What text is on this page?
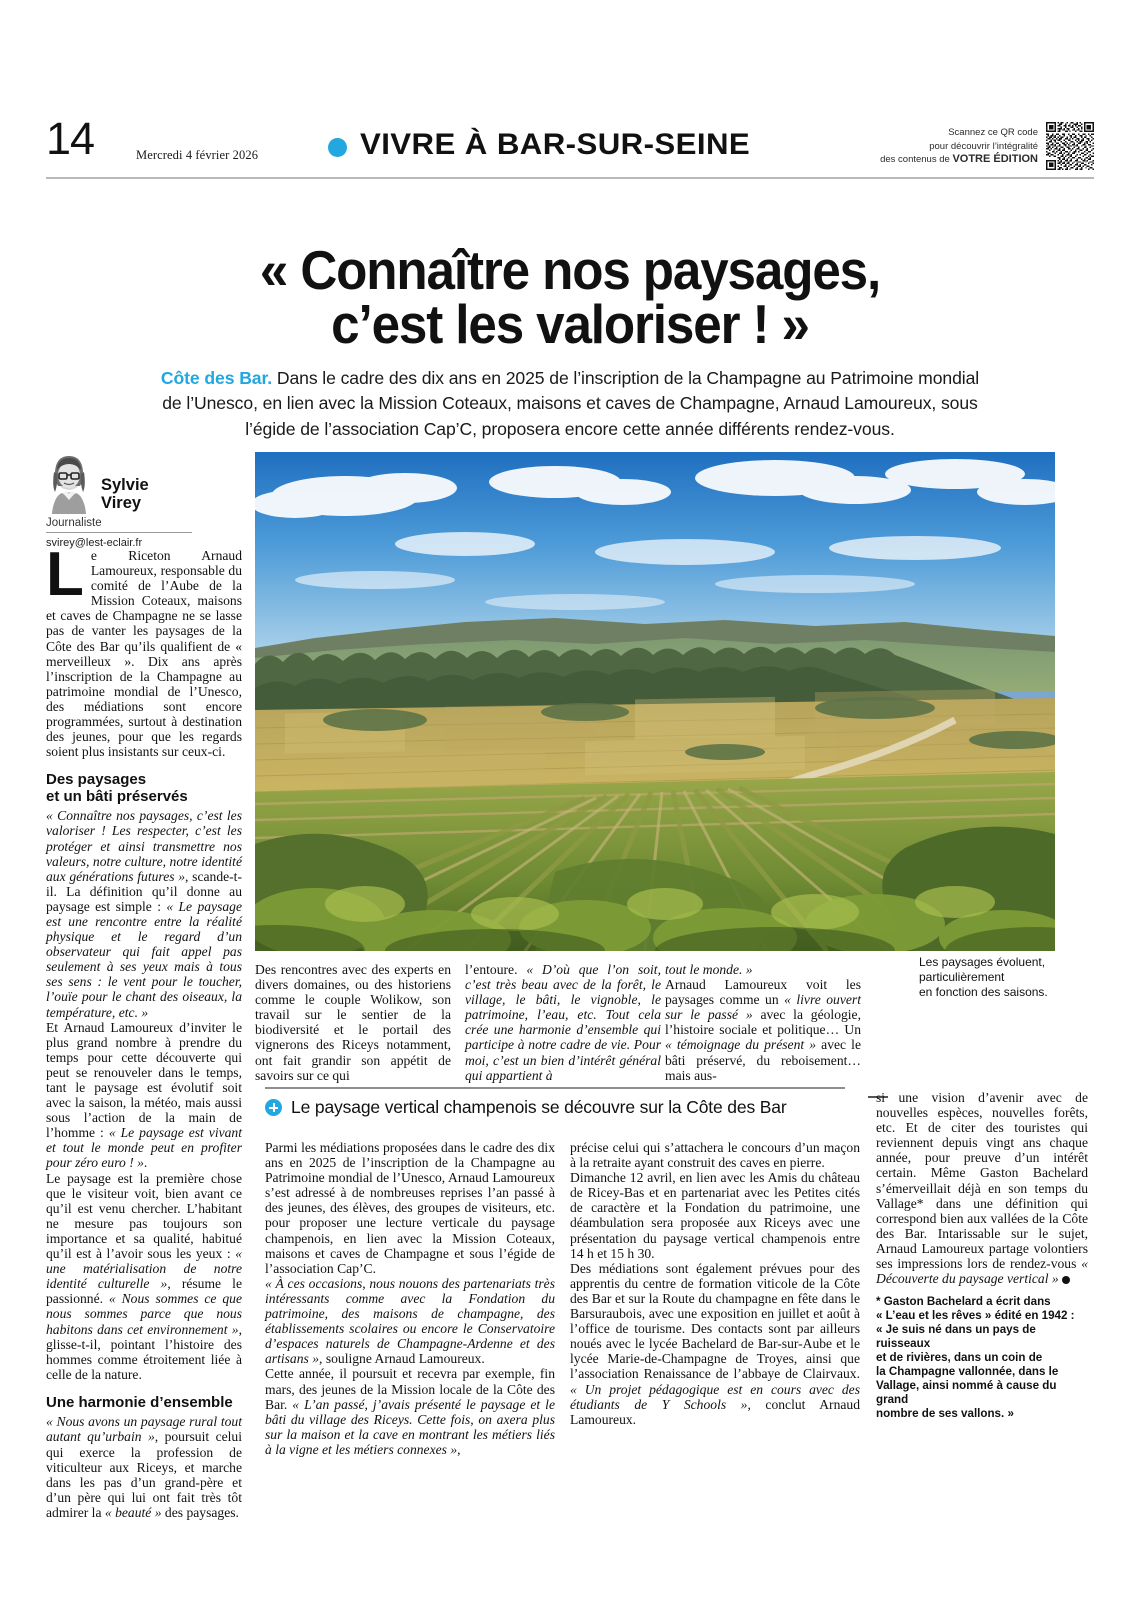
14	Mercredi 4 février 2026	VIVRE À BAR-SUR-SEINE	Scannez ce QR code
pour découvrir l’intégralité
des contenus de VOTRE ÉDITION
« Connaître nos paysages,
c’est les valoriser ! »

Côte des Bar. Dans le cadre des dix ans en 2025 de l’inscription de la Champagne au Patrimoine mondial de l’Unesco, en lien avec la Mission Coteaux, maisons et caves de Champagne, Arnaud Lamoureux, sous l’égide de l’association Cap’C, proposera encore cette année différents rendez-vous.

Sylvie
Virey
Journaliste
svirey@lest-eclair.fr

Le Riceton Arnaud Lamoureux, responsable du comité de l’Aube de la Mission Coteaux, maisons et caves de Champagne ne se lasse pas de vanter les paysages de la Côte des Bar qu’ils qualifient de « merveilleux ». Dix ans après l’inscription de la Champagne au patrimoine mondial de l’Unesco, des médiations sont encore programmées, surtout à destination des jeunes, pour que les regards soient plus insistants sur ceux-ci.

Des paysages
et un bâti préservés

« Connaître nos paysages, c’est les valoriser ! Les respecter, c’est les protéger et ainsi transmettre nos valeurs, notre culture, notre identité aux générations futures », scande-t-il. La définition qu’il donne au paysage est simple : « Le paysage est une rencontre entre la réalité physique et le regard d’un observateur qui fait appel pas seulement à ses yeux mais à tous ses sens : le vent pour le toucher, l’ouïe pour le chant des oiseaux, la température, etc. »

Et Arnaud Lamoureux d’inviter le plus grand nombre à prendre du temps pour cette découverte qui peut se renouveler dans le temps, tant le paysage est évolutif soit avec la saison, la météo, mais aussi sous l’action de la main de l’homme : « Le paysage est vivant et tout le monde peut en profiter pour zéro euro ! ».

Le paysage est la première chose que le visiteur voit, bien avant ce qu’il est venu chercher. L’habitant ne mesure pas toujours son importance et sa qualité, habitué qu’il est à l’avoir sous les yeux : « une matérialisation de notre identité culturelle », résume le passionné. « Nous sommes ce que nous sommes parce que nous habitons dans cet environnement », glisse-t-il, pointant l’histoire des hommes comme étroitement liée à celle de la nature.

Une harmonie d’ensemble

« Nous avons un paysage rural tout autant qu’urbain », poursuit celui qui exerce la profession de viticulteur aux Riceys, et marche dans les pas d’un grand-père et d’un père qui lui ont fait très tôt admirer la « beauté » des paysages.

Des rencontres avec des experts en divers domaines, ou des historiens comme le couple Wolikow, son travail sur le sentier de la biodiversité et le portail des vignerons des Riceys notamment, ont fait grandir son appétit de savoirs sur ce qui

l’entoure. « D’où que l’on soit, c’est très beau avec de la forêt, le village, le bâti, le vignoble, le patrimoine, l’eau, etc. Tout cela crée une harmonie d’ensemble qui participe à notre cadre de vie. Pour moi, c’est un bien d’intérêt général qui appartient à

tout le monde. »

Arnaud Lamoureux voit les paysages comme un « livre ouvert sur le passé » avec la géologie, l’histoire sociale et politique… Un « témoignage du présent » avec le bâti préservé, du reboisement… mais aus-

Les paysages évoluent,
particulièrement
en fonction des saisons.
Le paysage vertical champenois se découvre sur la Côte des Bar

Parmi les médiations proposées dans le cadre des dix ans en 2025 de l’inscription de la Champagne au Patrimoine mondial de l’Unesco, Arnaud Lamoureux s’est adressé à de nombreuses reprises l’an passé à des jeunes, des élèves, des groupes de visiteurs, etc. pour proposer une lecture verticale du paysage champenois, en lien avec la Mission Coteaux, maisons et caves de Champagne et sous l’égide de l’association Cap’C.

« À ces occasions, nous nouons des partenariats très intéressants comme avec la Fondation du patrimoine, des maisons de champagne, des établissements scolaires ou encore le Conservatoire d’espaces naturels de Champagne-Ardenne et des artisans », souligne Arnaud Lamoureux.

Cette année, il poursuit et recevra par exemple, fin mars, des jeunes de la Mission locale de la Côte des Bar. « L’an passé, j’avais présenté le paysage et le bâti du village des Riceys. Cette fois, on axera plus sur la maison et la cave en montrant les métiers liés à la vigne et les métiers connexes »,

précise celui qui s’attachera le concours d’un maçon à la retraite ayant construit des caves en pierre.

Dimanche 12 avril, en lien avec les Amis du château de Ricey-Bas et en partenariat avec les Petites cités de caractère et la Fondation du patrimoine, une déambulation sera proposée aux Riceys avec une présentation du paysage vertical champenois entre 14 h et 15 h 30.

Des médiations sont également prévues pour des apprentis du centre de formation viticole de la Côte des Bar et sur la Route du champagne en fête dans le Barsuraubois, avec une exposition en juillet et août à l’office de tourisme. Des contacts sont par ailleurs noués avec le lycée Bachelard de Bar-sur-Aube et le lycée Marie-de-Champagne de Troyes, ainsi que l’association Renaissance de l’abbaye de Clairvaux. « Un projet pédagogique est en cours avec des étudiants de Y Schools », conclut Arnaud Lamoureux.

si une vision d’avenir avec de nouvelles espèces, nouvelles forêts, etc. Et de citer des touristes qui reviennent depuis vingt ans chaque année, pour preuve d’un intérêt certain. Même Gaston Bachelard s’émerveillait déjà en son temps du Vallage* dans une définition qui correspond bien aux vallées de la Côte des Bar. Intarissable sur le sujet, Arnaud Lamoureux partage volontiers ses impressions lors de rendez-vous « Découverte du paysage vertical »

* Gaston Bachelard a écrit dans
« L’eau et les rêves » édité en 1942 :
« Je suis né dans un pays de ruisseaux
et de rivières, dans un coin de
la Champagne vallonnée, dans le
Vallage, ainsi nommé à cause du grand
nombre de ses vallons. »
